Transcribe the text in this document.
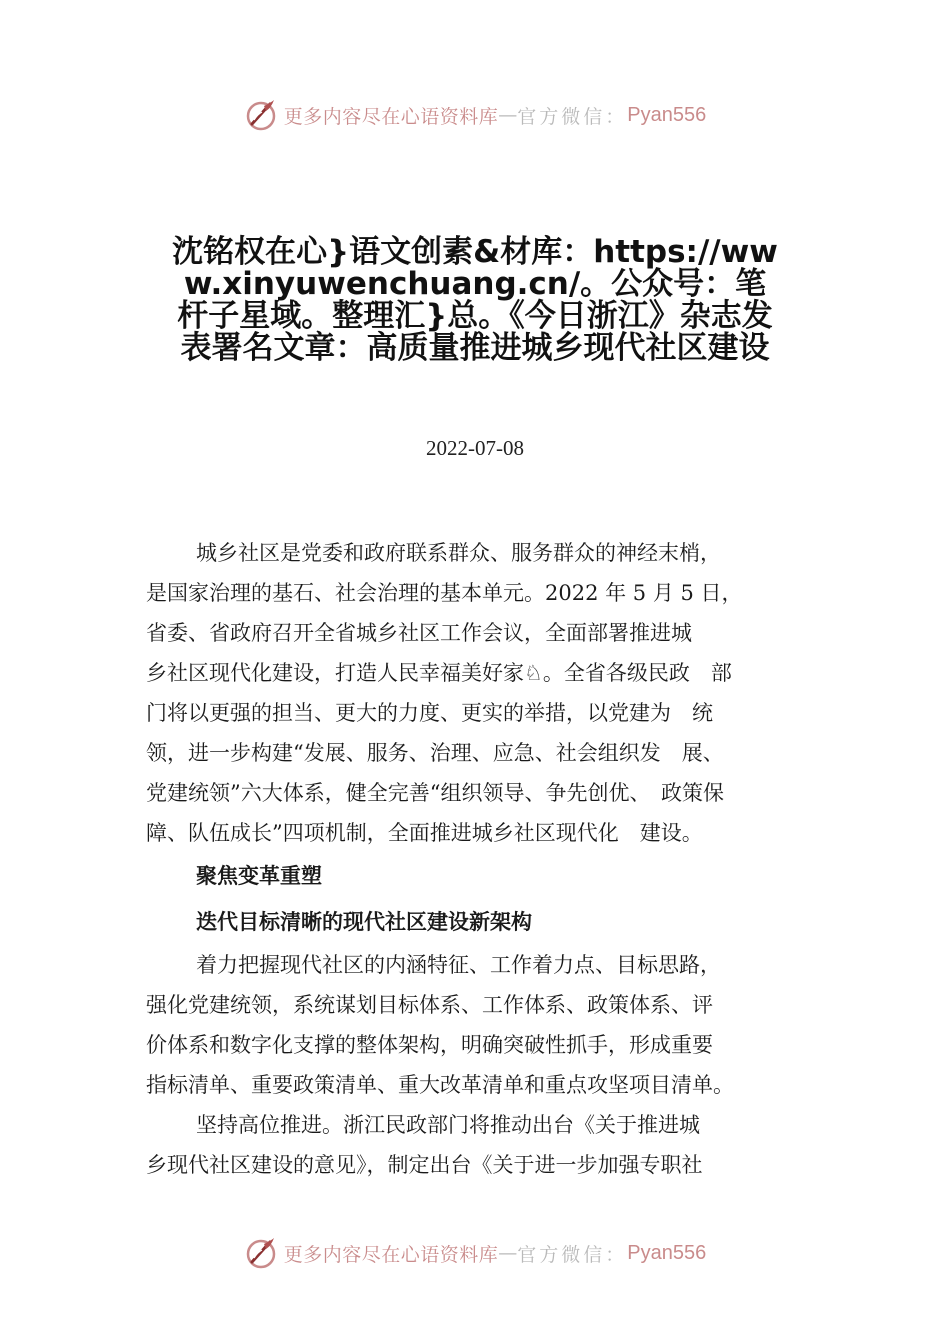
更多内容尽在心语资料库 — 官方微信： Pyan556
沈铭权在心}语文创素&材库：https://www.xinyuwenchuang.cn/。公众号：笔杆子星域。整理汇}总。《今日浙江》杂志发表署名文章：高质量推进城乡现代社区建设
2022-07-08
城乡社区是党委和政府联系群众、服务群众的神经末梢，
是国家治理的基石、社会治理的基本单元。2022 年 5 月 5 日，
省委、省政府召开全省城乡社区工作会议，全面部署推进城
乡社区现代化建设，打造人民幸福美好家♘。全省各级民政　部
门将以更强的担当、更大的力度、更实的举措，以党建为　统
领，进一步构建“发展、服务、治理、应急、社会组织发　展、
党建统领”六大体系，健全完善“组织领导、争先创优、　政策保
障、队伍成长”四项机制，全面推进城乡社区现代化　建设。
聚焦变革重塑
迭代目标清晰的现代社区建设新架构
着力把握现代社区的内涵特征、工作着力点、目标思路，
强化党建统领，系统谋划目标体系、工作体系、政策体系、评
价体系和数字化支撑的整体架构，明确突破性抓手，形成重要
指标清单、重要政策清单、重大改革清单和重点攻坚项目清单。
坚持高位推进。浙江民政部门将推动出台《关于推进城
乡现代社区建设的意见》，制定出台《关于进一步加强专职社
更多内容尽在心语资料库 — 官方微信： Pyan556
